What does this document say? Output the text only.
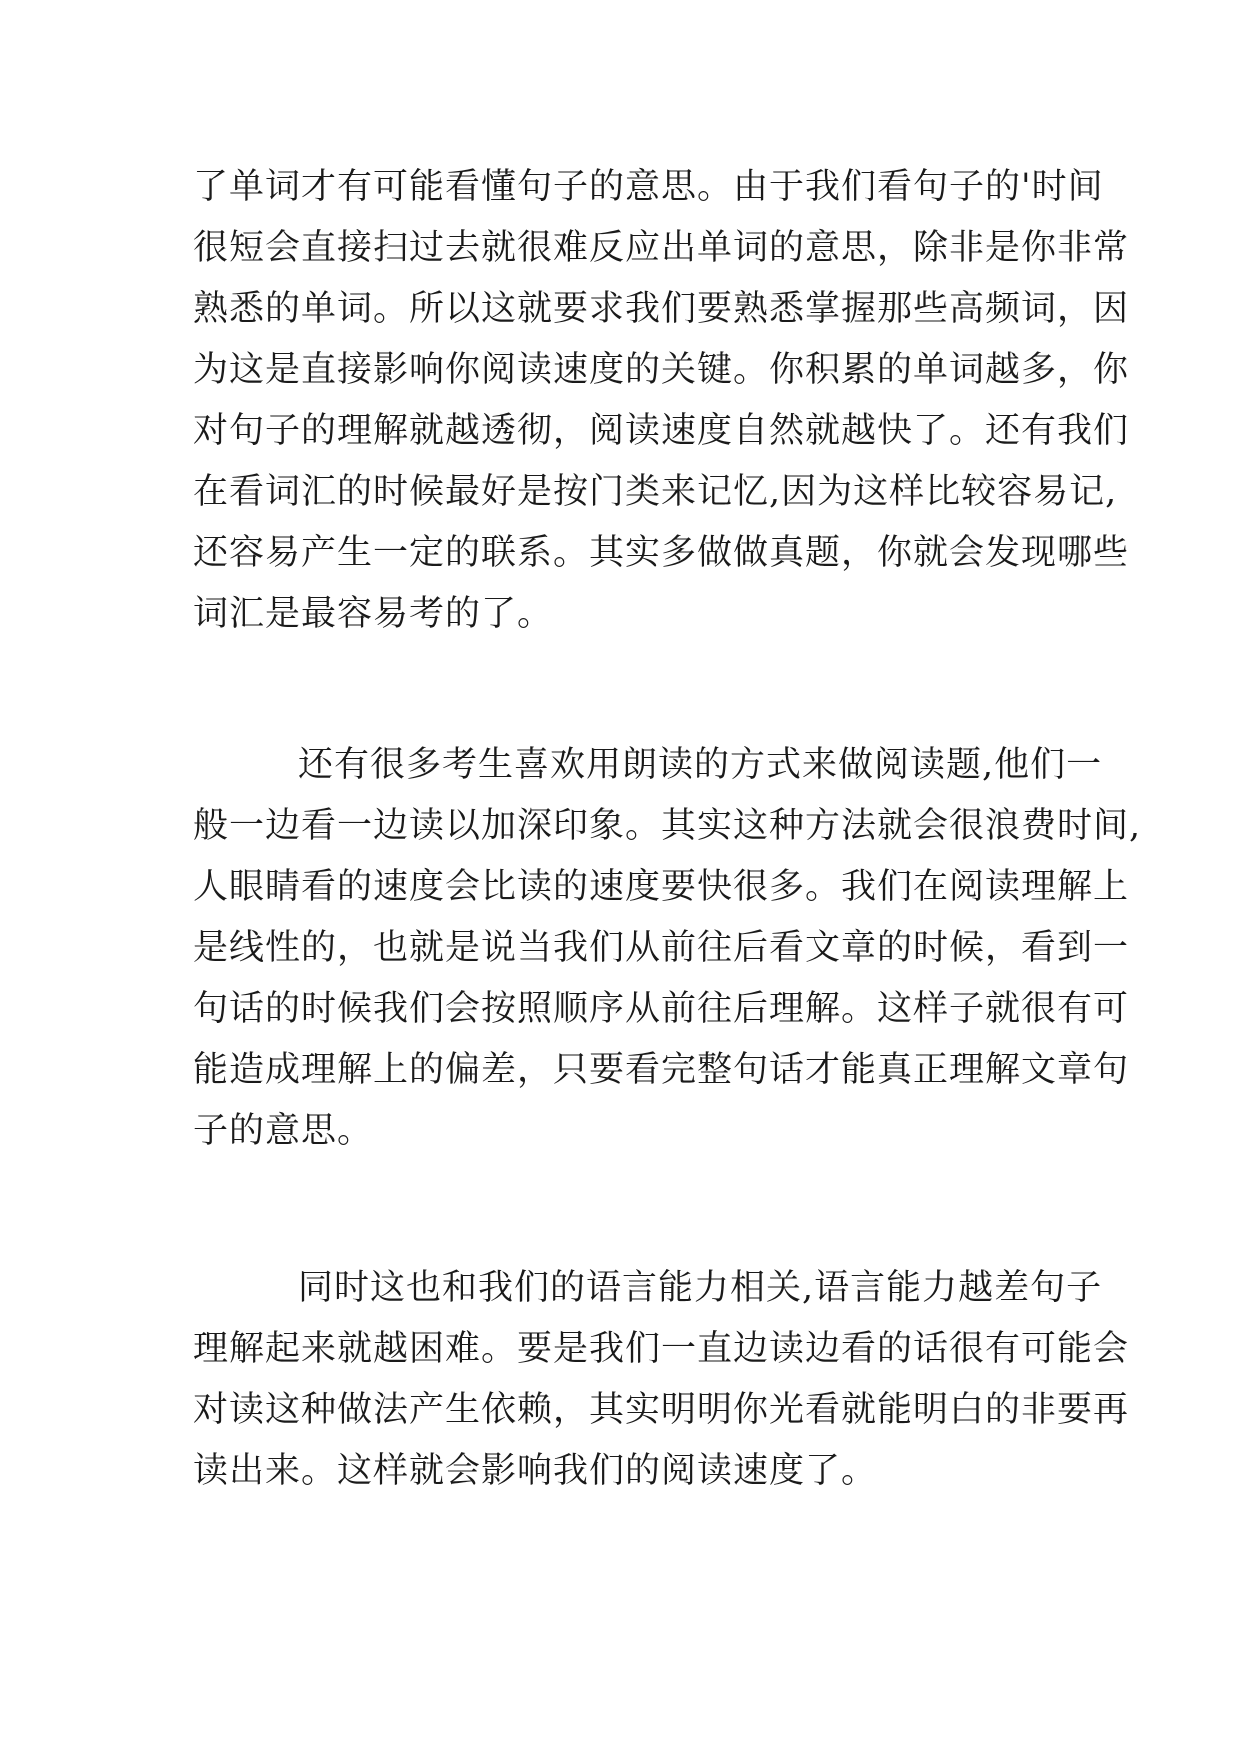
了单词才有可能看懂句子的意思。由于我们看句子的'时间
很短会直接扫过去就很难反应出单词的意思，除非是你非常
熟悉的单词。所以这就要求我们要熟悉掌握那些高频词，因
为这是直接影响你阅读速度的关键。你积累的单词越多，你
对句子的理解就越透彻，阅读速度自然就越快了。还有我们
在看词汇的时候最好是按门类来记忆,因为这样比较容易记,
还容易产生一定的联系。其实多做做真题，你就会发现哪些
词汇是最容易考的了。
还有很多考生喜欢用朗读的方式来做阅读题,他们一
般一边看一边读以加深印象。其实这种方法就会很浪费时间,
人眼睛看的速度会比读的速度要快很多。我们在阅读理解上
是线性的，也就是说当我们从前往后看文章的时候，看到一
句话的时候我们会按照顺序从前往后理解。这样子就很有可
能造成理解上的偏差，只要看完整句话才能真正理解文章句
子的意思。
同时这也和我们的语言能力相关,语言能力越差句子
理解起来就越困难。要是我们一直边读边看的话很有可能会
对读这种做法产生依赖，其实明明你光看就能明白的非要再
读出来。这样就会影响我们的阅读速度了。
